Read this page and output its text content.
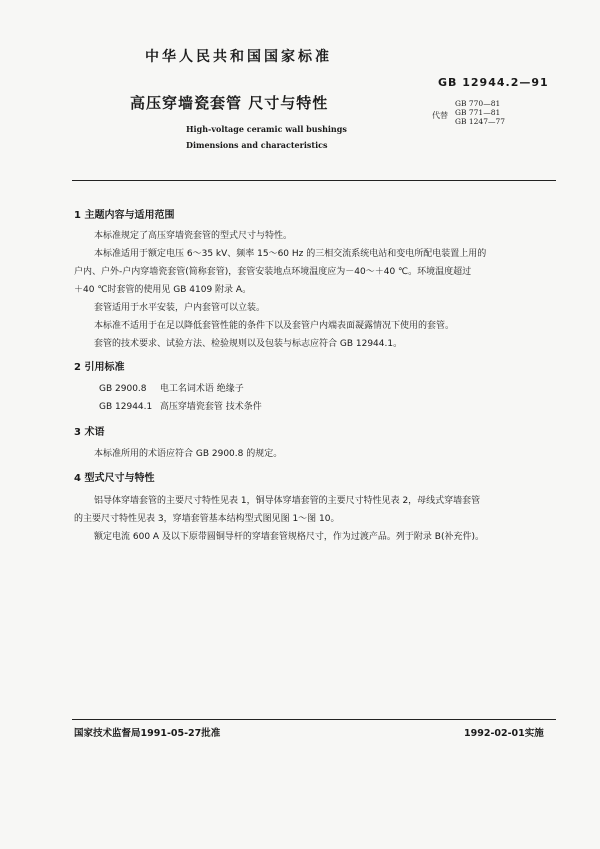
中华人民共和国国家标准
GB 12944.2—91
高压穿墙瓷套管 尺寸与特性
代替
GB 770—81
GB 771—81
GB 1247—77
High-voltage ceramic wall bushings
Dimensions and characteristics
1 主题内容与适用范围
本标准规定了高压穿墙瓷套管的型式尺寸与特性。
本标准适用于额定电压 6～35 kV、频率 15～60 Hz 的三相交流系统电站和变电所配电装置上用的
户内、户外-户内穿墙瓷套管(简称套管)，套管安装地点环境温度应为－40～＋40 ℃。环境温度超过
＋40 ℃时套管的使用见 GB 4109 附录 A。
套管适用于水平安装，户内套管可以立装。
本标准不适用于在足以降低套管性能的条件下以及套管户内端表面凝露情况下使用的套管。
套管的技术要求、试验方法、检验规则以及包装与标志应符合 GB 12944.1。
2 引用标准
GB 2900.8 电工名词术语 绝缘子
GB 12944.1 高压穿墙瓷套管 技术条件
3 术语
本标准所用的术语应符合 GB 2900.8 的规定。
4 型式尺寸与特性
铝导体穿墙套管的主要尺寸特性见表 1，铜导体穿墙套管的主要尺寸特性见表 2，母线式穿墙套管
的主要尺寸特性见表 3，穿墙套管基本结构型式图见图 1～图 10。
额定电流 600 A 及以下原带圆铜导杆的穿墙套管规格尺寸，作为过渡产品。列于附录 B(补充件)。
国家技术监督局1991-05-27批准	1992-02-01实施
